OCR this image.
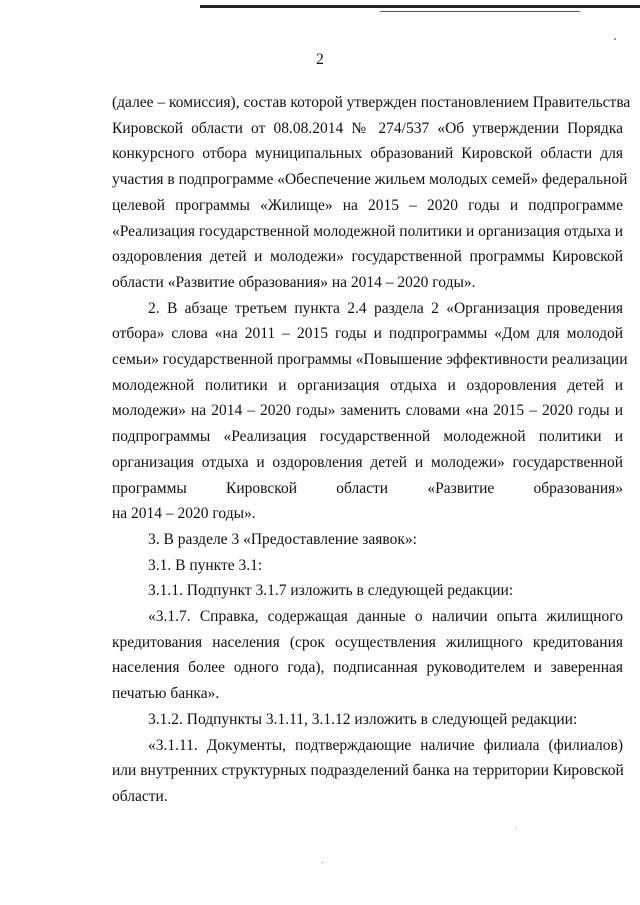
2

(далее – комиссия), состав которой утвержден постановлением Правительства
Кировской области от 08.08.2014 № 274/537 «Об утверждении Порядка
конкурсного отбора муниципальных образований Кировской области для
участия в подпрограмме «Обеспечение жильем молодых семей» федеральной
целевой программы «Жилище» на 2015 – 2020 годы и подпрограмме
«Реализация государственной молодежной политики и организация отдыха и
оздоровления детей и молодежи» государственной программы Кировской
области «Развитие образования» на 2014 – 2020 годы».

2. В абзаце третьем пункта 2.4 раздела 2 «Организация проведения
отбора» слова «на 2011 – 2015 годы и подпрограммы «Дом для молодой
семьи» государственной программы «Повышение эффективности реализации
молодежной политики и организация отдыха и оздоровления детей и
молодежи» на 2014 – 2020 годы» заменить словами «на 2015 – 2020 годы и
подпрограммы «Реализация государственной молодежной политики и
организация отдыха и оздоровления детей и молодежи» государственной
программы Кировской области «Развитие образования»
на 2014 – 2020 годы».

3. В разделе 3 «Предоставление заявок»:

3.1. В пункте 3.1:

3.1.1. Подпункт 3.1.7 изложить в следующей редакции:

«3.1.7. Справка, содержащая данные о наличии опыта жилищного
кредитования населения (срок осуществления жилищного кредитования
населения более одного года), подписанная руководителем и заверенная
печатью банка».

3.1.2. Подпункты 3.1.11, 3.1.12 изложить в следующей редакции:

«3.1.11. Документы, подтверждающие наличие филиала (филиалов)
или внутренних структурных подразделений банка на территории Кировской
области.
